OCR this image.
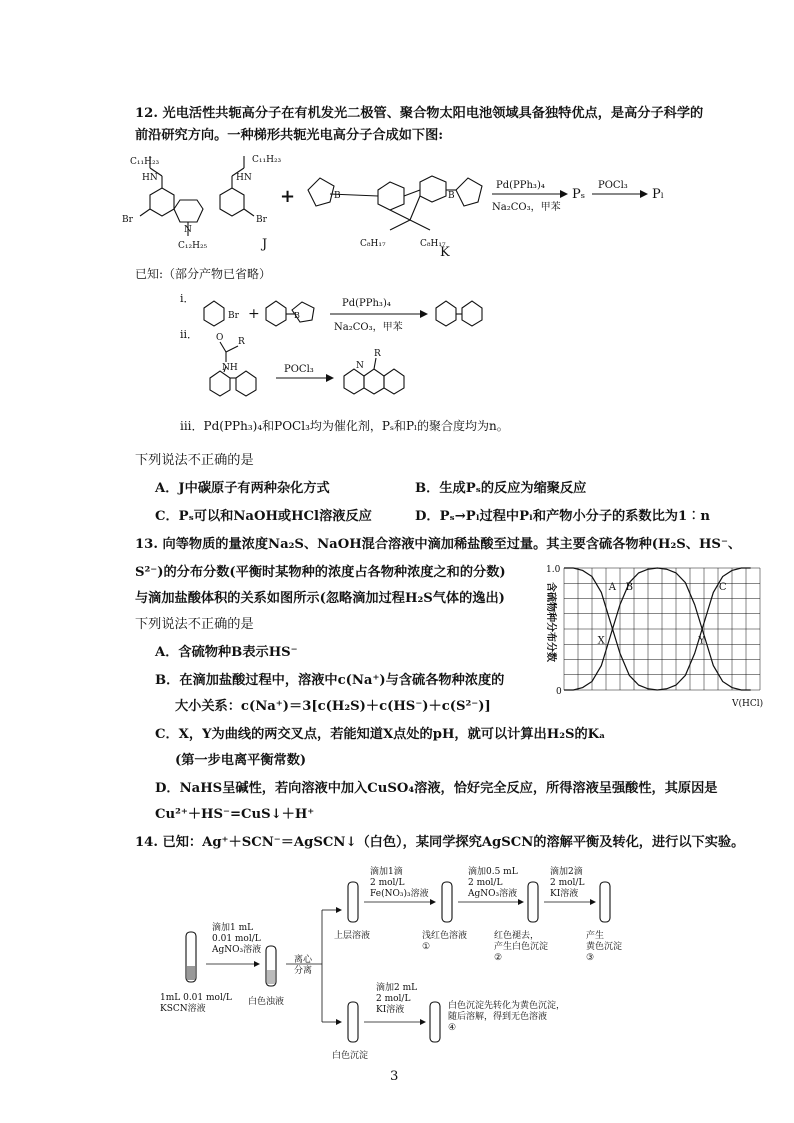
12. 光电活性共轭高分子在有机发光二极管、聚合物太阳电池领域具备独特优点，是高分子科学的
前沿研究方向。一种梯形共轭光电高分子合成如下图:
C₁₁H₂₃	C₁₁H₂₃
HN	HN
Br	Br
N
C₁₂H₂₅	J
+	B	B
C₈H₁₇	C₈H₁₇
K
Pd(PPh₃)₄
Na₂CO₃，甲苯
Pₛ
POCl₃
Pₗ
已知:（部分产物已省略）
i．
Br +	B
Pd(PPh₃)₄
Na₂CO₃，甲苯
ii． O R
NH	POCl₃	N
R
iii．Pd(PPh₃)₄和POCl₃均为催化剂，Pₛ和Pₗ的聚合度均为n。
下列说法不正确的是
A．J中碳原子有两种杂化方式	B．生成Pₛ的反应为缩聚反应
C．Pₛ可以和NaOH或HCl溶液反应	D．Pₛ→Pₗ过程中Pₗ和产物小分子的系数比为1︰n
13. 向等物质的量浓度Na₂S、NaOH混合溶液中滴加稀盐酸至过量。其主要含硫各物种(H₂S、HS⁻、
S²⁻)的分布分数(平衡时某物种的浓度占各物种浓度之和的分数)
与滴加盐酸体积的关系如图所示(忽略滴加过程H₂S气体的逸出)
下列说法不正确的是	含硫物种分布分数
1.0
0
V(HCl)
A B	C
X	Y
A．含硫物种B表示HS⁻
B．在滴加盐酸过程中，溶液中c(Na⁺)与含硫各物种浓度的
大小关系：c(Na⁺)＝3[c(H₂S)＋c(HS⁻)＋c(S²⁻)]
C．X，Y为曲线的两交叉点，若能知道X点处的pH，就可以计算出H₂S的Kₐ
(第一步电离平衡常数)
D．NaHS呈碱性，若向溶液中加入CuSO₄溶液，恰好完全反应，所得溶液呈强酸性，其原因是
Cu²⁺＋HS⁻=CuS↓＋H⁺
14. 已知：Ag⁺＋SCN⁻＝AgSCN↓（白色），某同学探究AgSCN的溶解平衡及转化，进行以下实验。
1mL 0.01 mol/L KSCN溶液
滴加1 mL 0.01 mol/L AgNO₃溶液
白色浊液
离心分离
上层溶液
滴加1滴 2 mol/L Fe(NO₃)₃溶液
浅红色溶液 ①
滴加0.5 mL 2 mol/L AgNO₃溶液
红色褪去，产生白色沉淀 ②
滴加2滴 2 mol/L KI溶液
产生黄色沉淀 ③
白色沉淀
滴加2 mL 2 mol/L KI溶液	白色沉淀先转化为黄色沉淀，随后溶解，得到无色溶液 ④
3
